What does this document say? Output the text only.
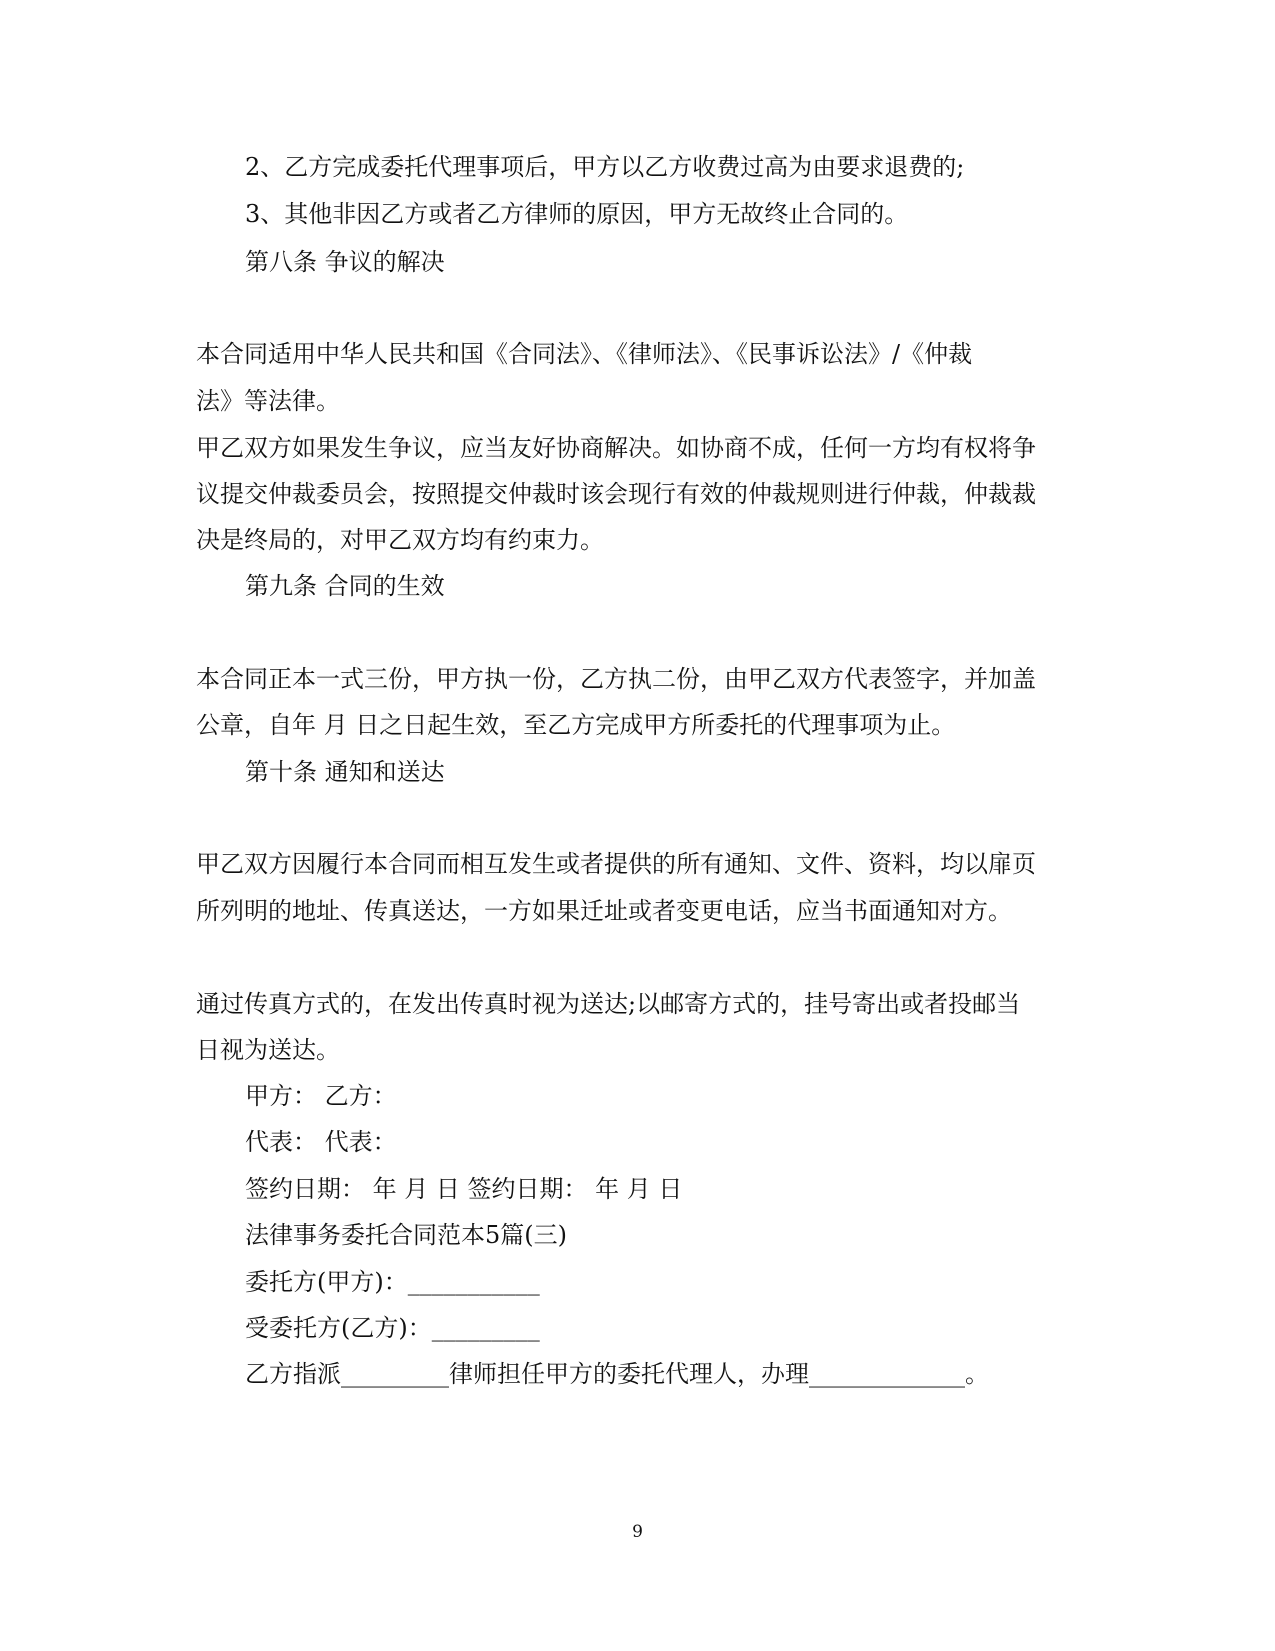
2、乙方完成委托代理事项后，甲方以乙方收费过高为由要求退费的;
3、其他非因乙方或者乙方律师的原因，甲方无故终止合同的。
第八条 争议的解决
本合同适用中华人民共和国《合同法》、《律师法》、《民事诉讼法》/《仲裁
法》等法律。
甲乙双方如果发生争议，应当友好协商解决。如协商不成，任何一方均有权将争
议提交仲裁委员会，按照提交仲裁时该会现行有效的仲裁规则进行仲裁，仲裁裁
决是终局的，对甲乙双方均有约束力。
第九条 合同的生效
本合同正本一式三份，甲方执一份，乙方执二份，由甲乙双方代表签字，并加盖
公章，自年 月 日之日起生效，至乙方完成甲方所委托的代理事项为止。
第十条 通知和送达
甲乙双方因履行本合同而相互发生或者提供的所有通知、文件、资料，均以扉页
所列明的地址、传真送达，一方如果迁址或者变更电话，应当书面通知对方。
通过传真方式的，在发出传真时视为送达;以邮寄方式的，挂号寄出或者投邮当
日视为送达。
甲方： 乙方：
代表： 代表：
签约日期： 年 月 日 签约日期： 年 月 日
法律事务委托合同范本5篇(三)
委托方(甲方)：___________
受委托方(乙方)：_________
乙方指派_________律师担任甲方的委托代理人，办理_____________。
9
